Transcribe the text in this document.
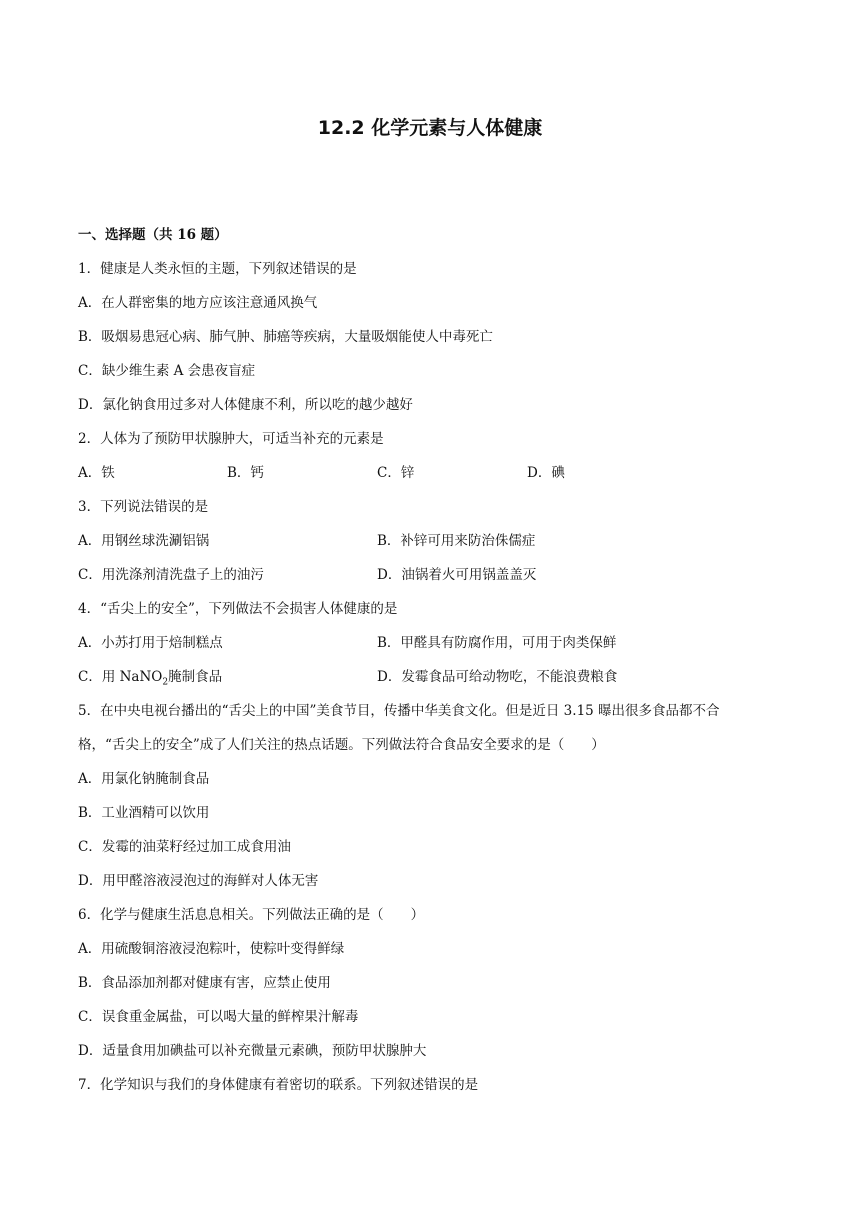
12.2 化学元素与人体健康
一、选择题（共 16 题）
1．健康是人类永恒的主题，下列叙述错误的是
A．在人群密集的地方应该注意通风换气
B．吸烟易患冠心病、肺气肿、肺癌等疾病，大量吸烟能使人中毒死亡
C．缺少维生素 A 会患夜盲症
D．氯化钠食用过多对人体健康不利，所以吃的越少越好
2．人体为了预防甲状腺肿大，可适当补充的元素是
A．铁	B．钙	C．锌	D．碘
3．下列说法错误的是
A．用钢丝球洗涮铝锅	B．补锌可用来防治侏儒症
C．用洗涤剂清洗盘子上的油污	D．油锅着火可用锅盖盖灭
4．“舌尖上的安全”，下列做法不会损害人体健康的是
A．小苏打用于焙制糕点	B．甲醛具有防腐作用，可用于肉类保鲜
C．用 NaNO$_2$腌制食品	D．发霉食品可给动物吃，不能浪费粮食
5．在中央电视台播出的“舌尖上的中国”美食节目，传播中华美食文化。但是近日 3.15 曝出很多食品都不合
格，“舌尖上的安全”成了人们关注的热点话题。下列做法符合食品安全要求的是（　　）
A．用氯化钠腌制食品
B．工业酒精可以饮用
C．发霉的油菜籽经过加工成食用油
D．用甲醛溶液浸泡过的海鲜对人体无害
6．化学与健康生活息息相关。下列做法正确的是（　　）
A．用硫酸铜溶液浸泡粽叶，使粽叶变得鲜绿
B．食品添加剂都对健康有害，应禁止使用
C．误食重金属盐，可以喝大量的鲜榨果汁解毒
D．适量食用加碘盐可以补充微量元素碘，预防甲状腺肿大
7．化学知识与我们的身体健康有着密切的联系。下列叙述错误的是
